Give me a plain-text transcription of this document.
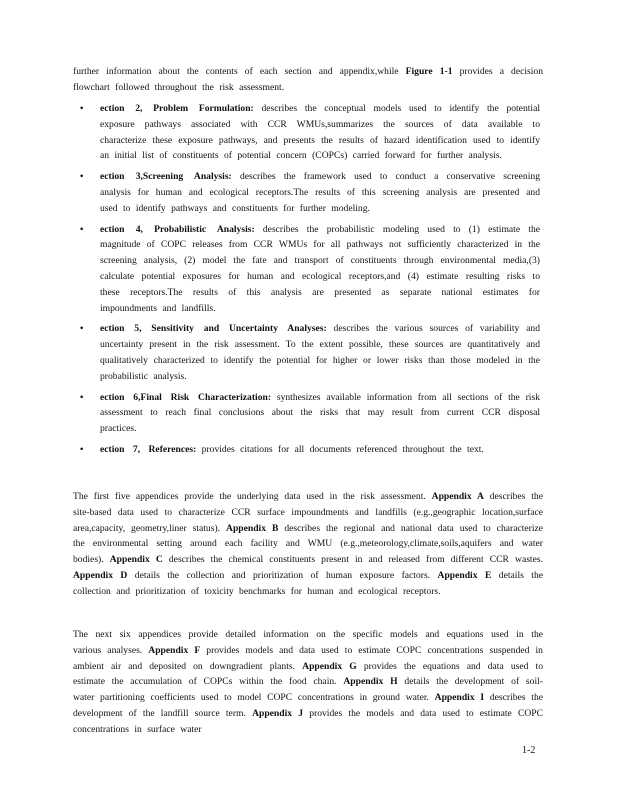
further information about the contents of each section and appendix,while Figure 1-1 provides a decision flowchart followed throughout the risk assessment.
• ection 2, Problem Formulation: describes the conceptual models used to identify the potential exposure pathways associated with CCR WMUs,summarizes the sources of data available to characterize these exposure pathways, and presents the results of hazard identification used to identify an initial list of constituents of potential concern (COPCs) carried forward for further analysis.
• ection 3,Screening Analysis: describes the framework used to conduct a conservative screening analysis for human and ecological receptors.The results of this screening analysis are presented and used to identify pathways and constituents for further modeling.
• ection 4, Probabilistic Analysis: describes the probabilistic modeling used to (1) estimate the magnitude of COPC releases from CCR WMUs for all pathways not sufficiently characterized in the screening analysis, (2) model the fate and transport of constituents through environmental media,(3) calculate potential exposures for human and ecological receptors,and (4) estimate resulting risks to these receptors.The results of this analysis are presented as separate national estimates for impoundments and landfills.
• ection 5, Sensitivity and Uncertainty Analyses: describes the various sources of variability and uncertainty present in the risk assessment. To the extent possible, these sources are quantitatively and qualitatively characterized to identify the potential for higher or lower risks than those modeled in the probabilistic analysis.
• ection 6,Final Risk Characterization: synthesizes available information from all sections of the risk assessment to reach final conclusions about the risks that may result from current CCR disposal practices.
• ection 7, References: provides citations for all documents referenced throughout the text.
The first five appendices provide the underlying data used in the risk assessment. Appendix A describes the site-based data used to characterize CCR surface impoundments and landfills (e.g.,geographic location,surface area,capacity, geometry,liner status). Appendix B describes the regional and national data used to characterize the environmental setting around each facility and WMU (e.g.,meteorology,climate,soils,aquifers and water bodies). Appendix C describes the chemical constituents present in and released from different CCR wastes. Appendix D details the collection and prioritization of human exposure factors. Appendix E details the collection and prioritization of toxicity benchmarks for human and ecological receptors.
The next six appendices provide detailed information on the specific models and equations used in the various analyses. Appendix F provides models and data used to estimate COPC concentrations suspended in ambient air and deposited on downgradient plants. Appendix G provides the equations and data used to estimate the accumulation of COPCs within the food chain. Appendix H details the development of soil-water partitioning coefficients used to model COPC concentrations in ground water. Appendix I describes the development of the landfill source term. Appendix J provides the models and data used to estimate COPC concentrations in surface water
1-2
